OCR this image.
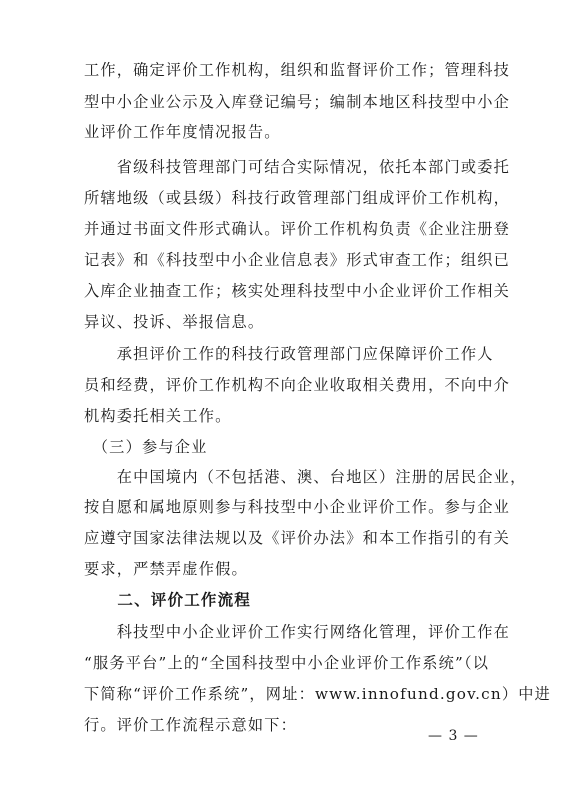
工作，确定评价工作机构，组织和监督评价工作；管理科技
型中小企业公示及入库登记编号；编制本地区科技型中小企
业评价工作年度情况报告。
　　省级科技管理部门可结合实际情况，依托本部门或委托
所辖地级（或县级）科技行政管理部门组成评价工作机构，
并通过书面文件形式确认。评价工作机构负责《企业注册登
记表》和《科技型中小企业信息表》形式审查工作；组织已
入库企业抽查工作；核实处理科技型中小企业评价工作相关
异议、投诉、举报信息。
　　承担评价工作的科技行政管理部门应保障评价工作人
员和经费，评价工作机构不向企业收取相关费用，不向中介
机构委托相关工作。
　（三）参与企业
　　在中国境内（不包括港、澳、台地区）注册的居民企业，
按自愿和属地原则参与科技型中小企业评价工作。参与企业
应遵守国家法律法规以及《评价办法》和本工作指引的有关
要求，严禁弄虚作假。
　　二、评价工作流程
　　科技型中小企业评价工作实行网络化管理，评价工作在
“服务平台”上的“全国科技型中小企业评价工作系统”（以
下简称“评价工作系统”，网址：www.innofund.gov.cn）中进
行。评价工作流程示意如下：
— 3 —
